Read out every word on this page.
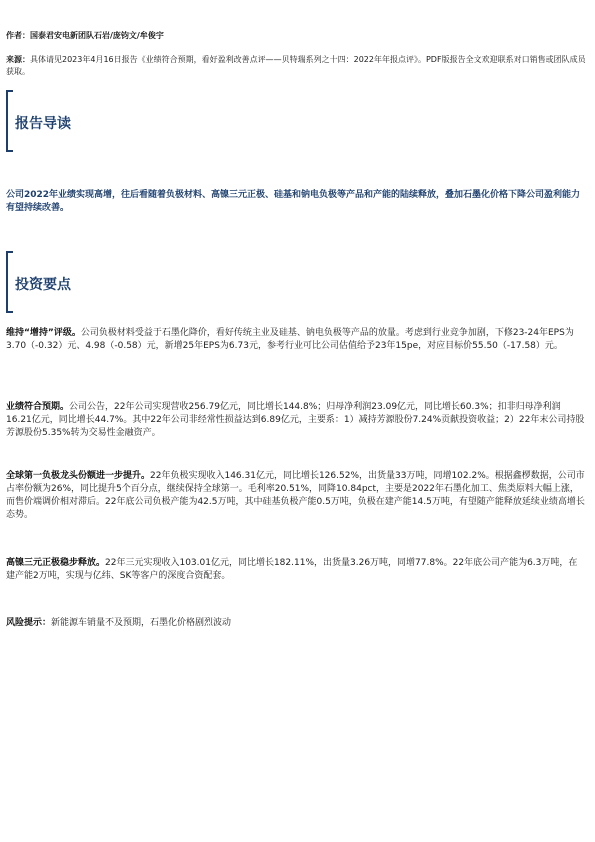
作者：国泰君安电新团队石岩/庞钧文/牟俊宇
来源：具体请见2023年4月16日报告《业绩符合预期，看好盈利改善点评——贝特瑞系列之十四：2022年年报点评》。PDF版报告全文欢迎联系对口销售或团队成员获取。
报告导读
公司2022年业绩实现高增，往后看随着负极材料、高镍三元正极、硅基和钠电负极等产品和产能的陆续释放，叠加石墨化价格下降公司盈利能力有望持续改善。
投资要点
维持“增持”评级。公司负极材料受益于石墨化降价，看好传统主业及硅基、钠电负极等产品的放量。考虑到行业竞争加剧，下修23-24年EPS为3.70（-0.32）元、4.98（-0.58）元，新增25年EPS为6.73元，参考行业可比公司估值给予23年15pe，对应目标价55.50（-17.58）元。
业绩符合预期。公司公告，22年公司实现营收256.79亿元，同比增长144.8%；归母净利润23.09亿元，同比增长60.3%；扣非归母净利润16.21亿元，同比增长44.7%。其中22年公司非经常性损益达到6.89亿元，主要系：1）减持芳源股份7.24%贡献投资收益；2）22年末公司持股芳源股份5.35%转为交易性金融资产。
全球第一负极龙头份额进一步提升。22年负极实现收入146.31亿元，同比增长126.52%，出货量33万吨，同增102.2%。根据鑫椤数据，公司市占率份额为26%，同比提升5个百分点，继续保持全球第一。毛利率20.51%，同降10.84pct，主要是2022年石墨化加工、焦类原料大幅上涨，而售价端调价相对滞后。22年底公司负极产能为42.5万吨，其中硅基负极产能0.5万吨，负极在建产能14.5万吨，有望随产能释放延续业绩高增长态势。
高镍三元正极稳步释放。22年三元实现收入103.01亿元，同比增长182.11%，出货量3.26万吨，同增77.8%。22年底公司产能为6.3万吨，在建产能2万吨，实现与亿纬、SK等客户的深度合资配套。
风险提示：新能源车销量不及预期，石墨化价格剧烈波动
